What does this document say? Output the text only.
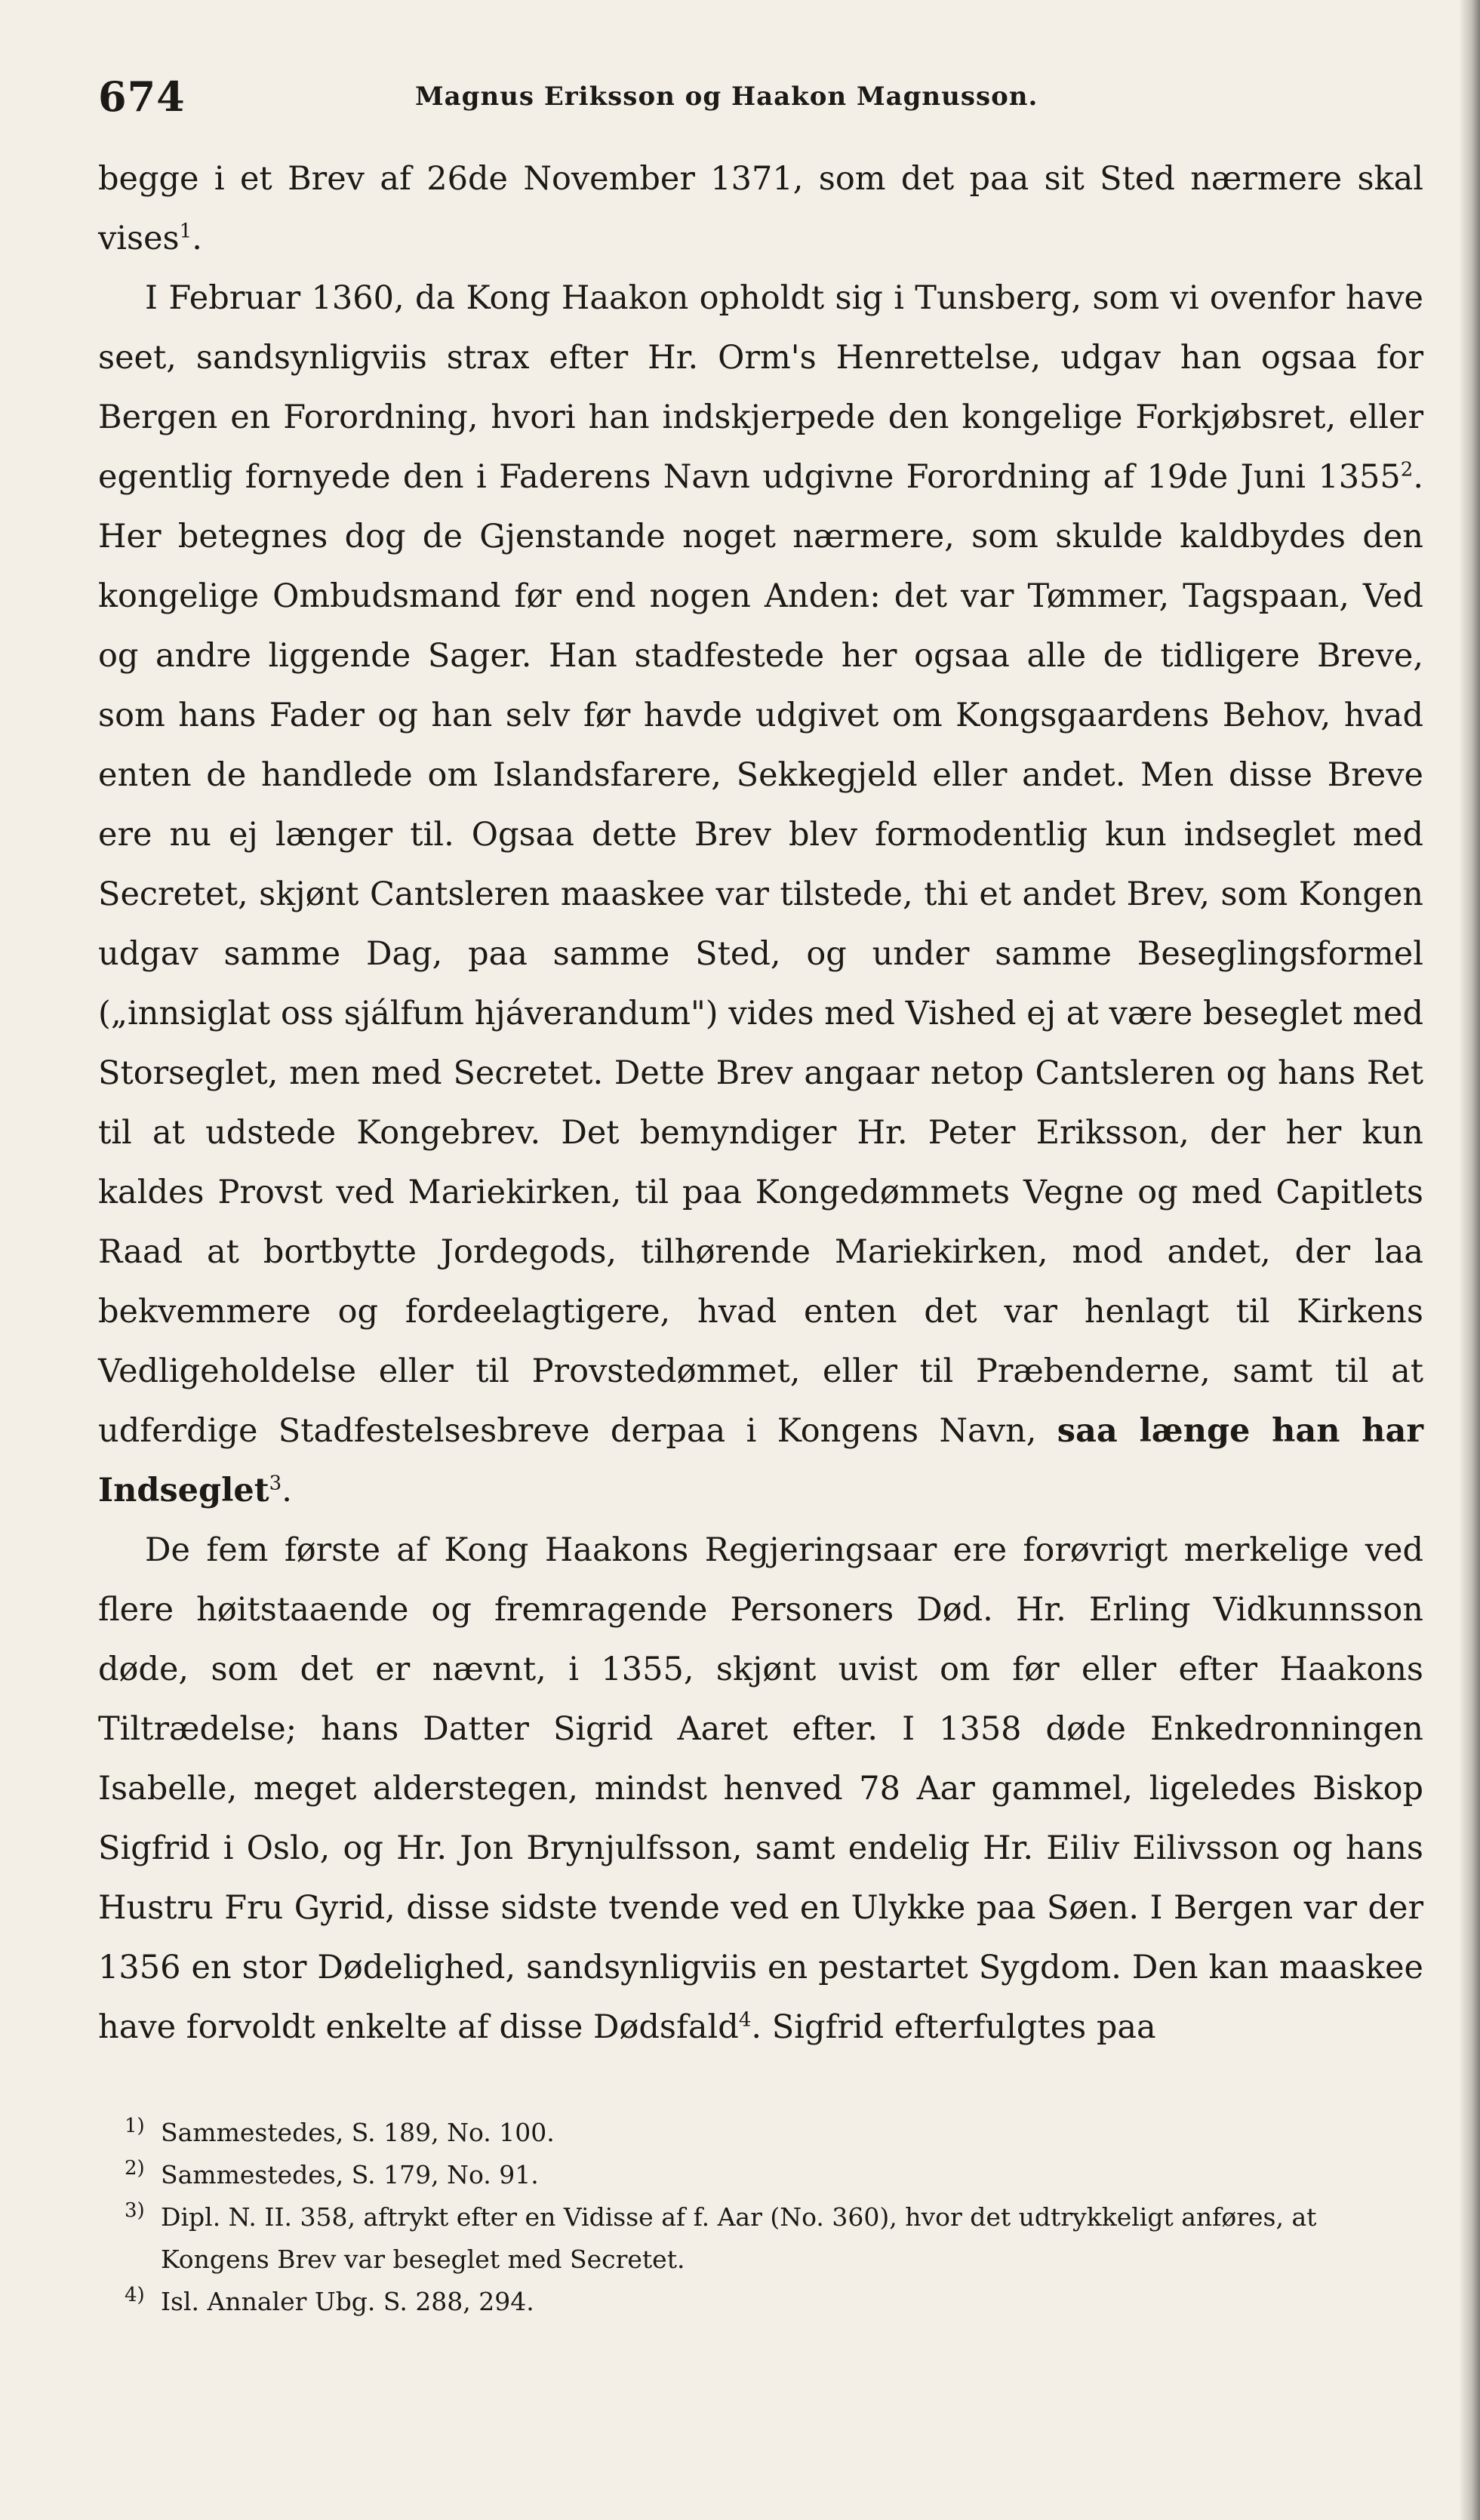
674	Magnus Eriksson og Haakon Magnusson.

begge i et Brev af 26de November 1371, som det paa sit Sted nærmere skal vises$^1$.

I Februar 1360, da Kong Haakon opholdt sig i Tunsberg, som vi ovenfor have seet, sandsynligviis strax efter Hr. Orm's Henrettelse, udgav han ogsaa for Bergen en Forordning, hvori han indskjerpede den kongelige Forkjøbsret, eller egentlig fornyede den i Faderens Navn udgivne Forordning af 19de Juni 1355$^2$. Her betegnes dog de Gjenstande noget nærmere, som skulde kaldbydes den kongelige Ombudsmand før end nogen Anden: det var Tømmer, Tagspaan, Ved og andre liggende Sager. Han stadfestede her ogsaa alle de tidligere Breve, som hans Fader og han selv før havde udgivet om Kongsgaardens Behov, hvad enten de handlede om Islandsfarere, Sekkegjeld eller andet. Men disse Breve ere nu ej længer til. Ogsaa dette Brev blev formodentlig kun indseglet med Secretet, skjønt Cantsleren maaskee var tilstede, thi et andet Brev, som Kongen udgav samme Dag, paa samme Sted, og under samme Beseglingsformel („innsiglat oss sjálfum hjáverandum") vides med Vished ej at være beseglet med Storseglet, men med Secretet. Dette Brev angaar netop Cantsleren og hans Ret til at udstede Kongebrev. Det bemyndiger Hr. Peter Eriksson, der her kun kaldes Provst ved Mariekirken, til paa Kongedømmets Vegne og med Capitlets Raad at bortbytte Jordegods, tilhørende Mariekirken, mod andet, der laa bekvemmere og fordeelagtigere, hvad enten det var henlagt til Kirkens Vedligeholdelse eller til Provstedømmet, eller til Præbenderne, samt til at udferdige Stadfestelsesbreve derpaa i Kongens Navn, saa længe han har Indseglet$^3$.

De fem første af Kong Haakons Regjeringsaar ere forøvrigt merkelige ved flere høitstaaende og fremragende Personers Død. Hr. Erling Vidkunnsson døde, som det er nævnt, i 1355, skjønt uvist om før eller efter Haakons Tiltrædelse; hans Datter Sigrid Aaret efter. I 1358 døde Enkedronningen Isabelle, meget alderstegen, mindst henved 78 Aar gammel, ligeledes Biskop Sigfrid i Oslo, og Hr. Jon Brynjulfsson, samt endelig Hr. Eiliv Eilivsson og hans Hustru Fru Gyrid, disse sidste tvende ved en Ulykke paa Søen. I Bergen var der 1356 en stor Dødelighed, sandsynligviis en pestartet Sygdom. Den kan maaskee have forvoldt enkelte af disse Dødsfald$^4$. Sigfrid efterfulgtes paa

1) Sammestedes, S. 189, No. 100.

2) Sammestedes, S. 179, No. 91.

3) Dipl. N. II. 358, aftrykt efter en Vidisse af f. Aar (No. 360), hvor det udtrykkeligt anføres, at Kongens Brev var beseglet med Secretet.

4) Isl. Annaler Ubg. S. 288, 294.
